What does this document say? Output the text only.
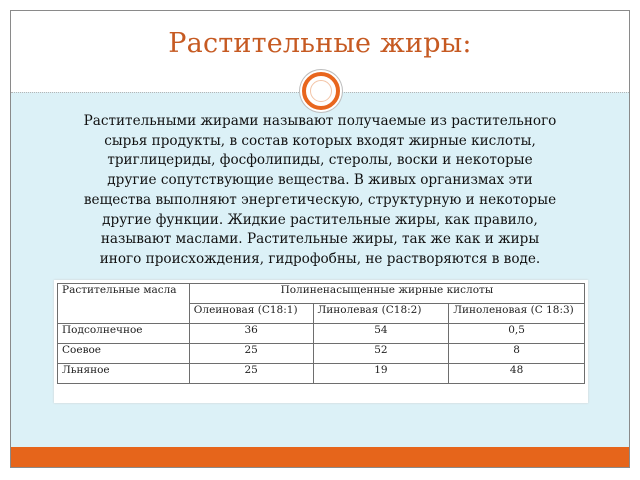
Растительные жиры:
Растительными жирами называют получаемые из растительного
сырья продукты, в состав которых входят жирные кислоты,
триглицериды, фосфолипиды, стеролы, воски и некоторые
другие сопутствующие вещества. В живых организмах эти
вещества выполняют энергетическую, структурную и некоторые
другие функции. Жидкие растительные жиры, как правило,
называют маслами. Растительные жиры, так же как и жиры
иного происхождения, гидрофобны, не растворяются в воде.
Растительные масла	Полиненасыщенные жирные кислоты		
	Олеиновая (С18:1)	Линолевая (С18:2)	Линоленовая (С 18:3)
Подсолнечное	36	54	0,5
Соевое	25	52	8
Льняное	25	19	48
